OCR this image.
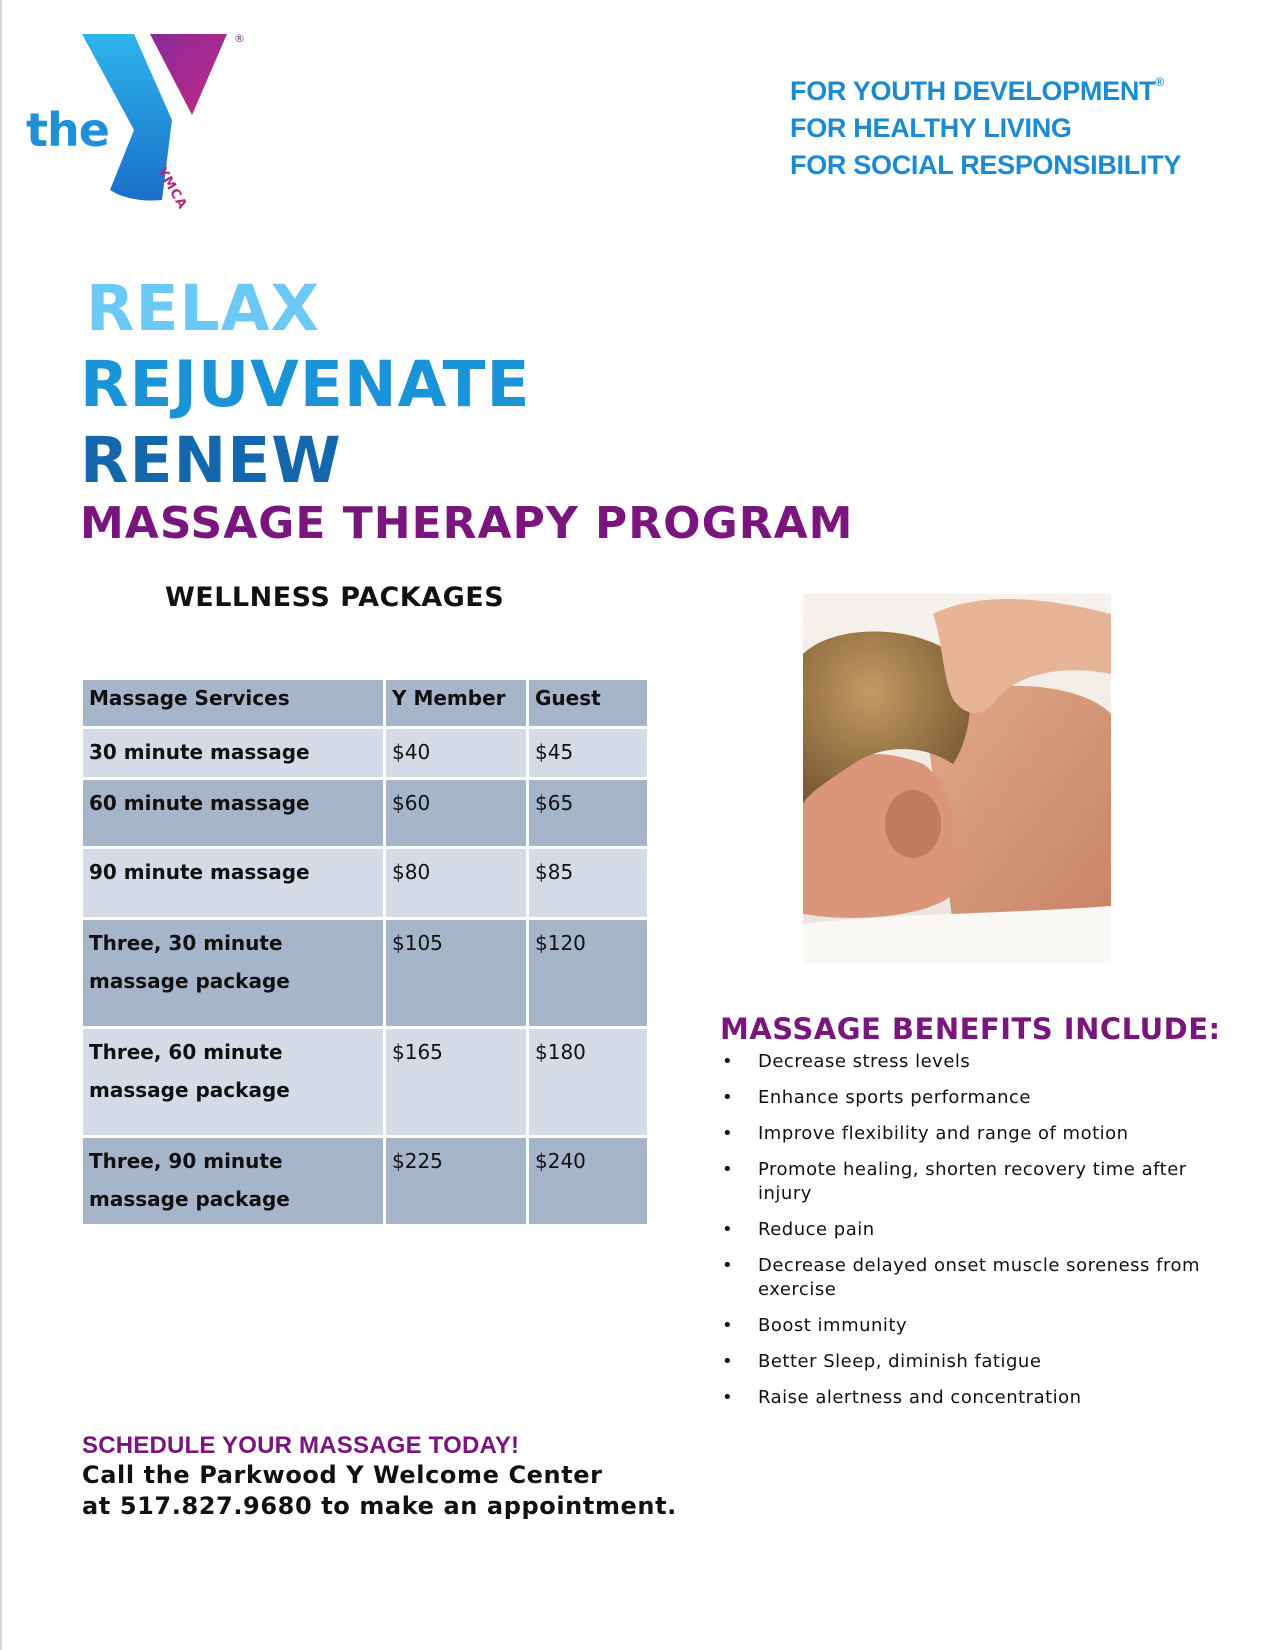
the
®
YMCA
FOR YOUTH DEVELOPMENT®
FOR HEALTHY LIVING
FOR SOCIAL RESPONSIBILITY
RELAX
REJUVENATE
RENEW
MASSAGE THERAPY PROGRAM
WELLNESS PACKAGES
Massage Services	Y Member	Guest
30 minute massage	$40	$45
60 minute massage	$60	$65
90 minute massage	$80	$85
Three, 30 minute
massage package	$105	$120
Three, 60 minute
massage package	$165	$180
Three, 90 minute
massage package	$225	$240
MASSAGE BENEFITS INCLUDE:
• Decrease stress levels
• Enhance sports performance
• Improve flexibility and range of motion
• Promote healing, shorten recovery time after injury
• Reduce pain
• Decrease delayed onset muscle soreness from exercise
• Boost immunity
• Better Sleep, diminish fatigue
• Raise alertness and concentration
SCHEDULE YOUR MASSAGE TODAY!
Call the Parkwood Y Welcome Center
at 517.827.9680 to make an appointment.
